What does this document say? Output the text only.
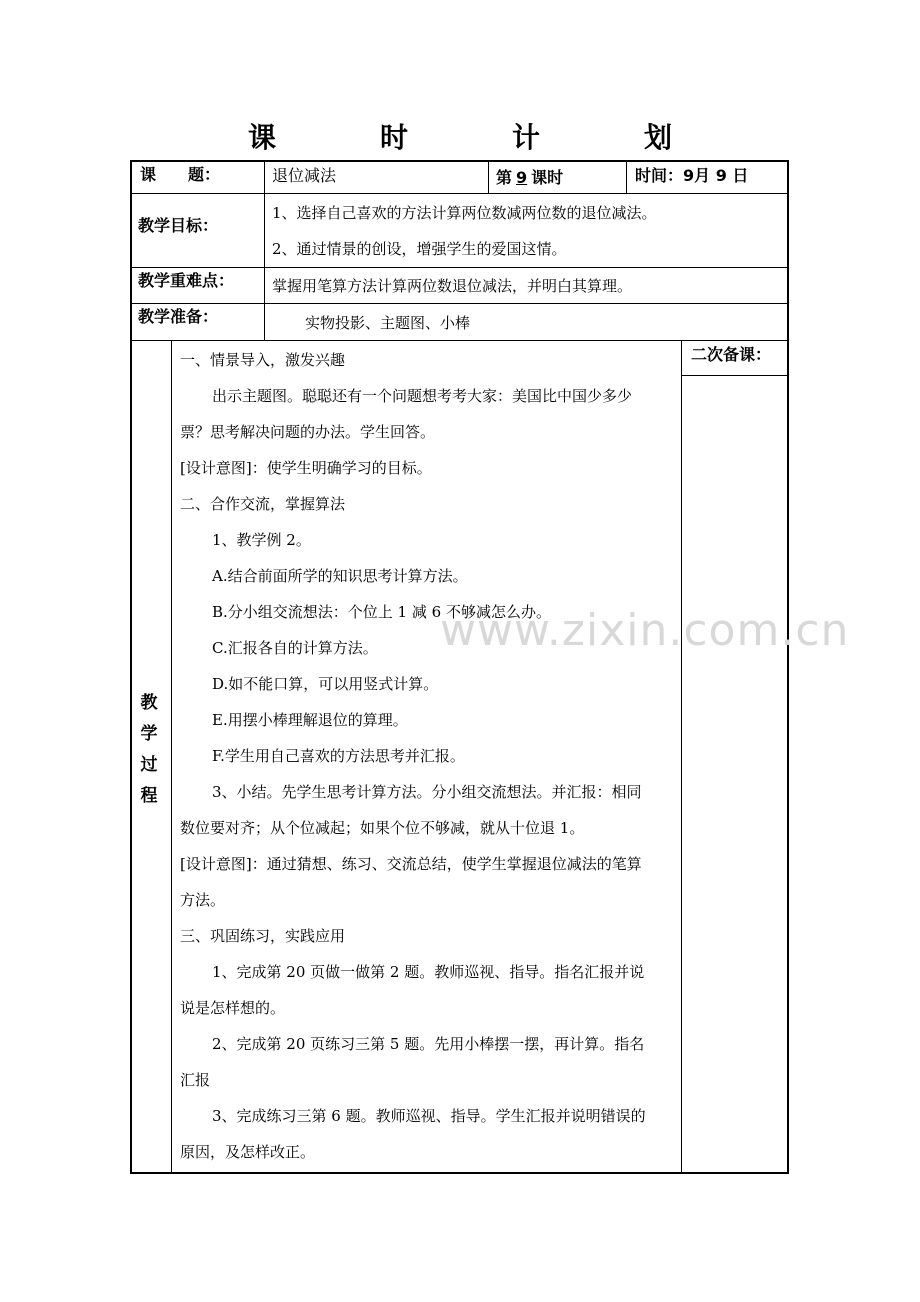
课　时　计　划
课　　题：	退位减法	第 9 课时	时间：9月 9 日
教学目标：
1、选择自己喜欢的方法计算两位数减两位数的退位减法。
2、通过情景的创设，增强学生的爱国这情。
教学重难点：	掌握用笔算方法计算两位数退位减法，并明白其算理。
教学准备：	实物投影、主题图、小棒
教
学
过
程
二次备课：
www.zixin.com.cn

一、情景导入，激发兴趣

出示主题图。聪聪还有一个问题想考考大家：美国比中国少多少

票？思考解决问题的办法。学生回答。

[设计意图]：使学生明确学习的目标。

二、合作交流，掌握算法

1、教学例 2。

A.结合前面所学的知识思考计算方法。

B.分小组交流想法：个位上 1 减 6 不够减怎么办。

C.汇报各自的计算方法。

D.如不能口算，可以用竖式计算。

E.用摆小棒理解退位的算理。

F.学生用自己喜欢的方法思考并汇报。

3、小结。先学生思考计算方法。分小组交流想法。并汇报：相同

数位要对齐；从个位减起；如果个位不够减，就从十位退 1。

[设计意图]：通过猜想、练习、交流总结，使学生掌握退位减法的笔算

方法。

三、巩固练习，实践应用

1、完成第 20 页做一做第 2 题。教师巡视、指导。指名汇报并说

说是怎样想的。

2、完成第 20 页练习三第 5 题。先用小棒摆一摆，再计算。指名

汇报

3、完成练习三第 6 题。教师巡视、指导。学生汇报并说明错误的

原因，及怎样改正。
